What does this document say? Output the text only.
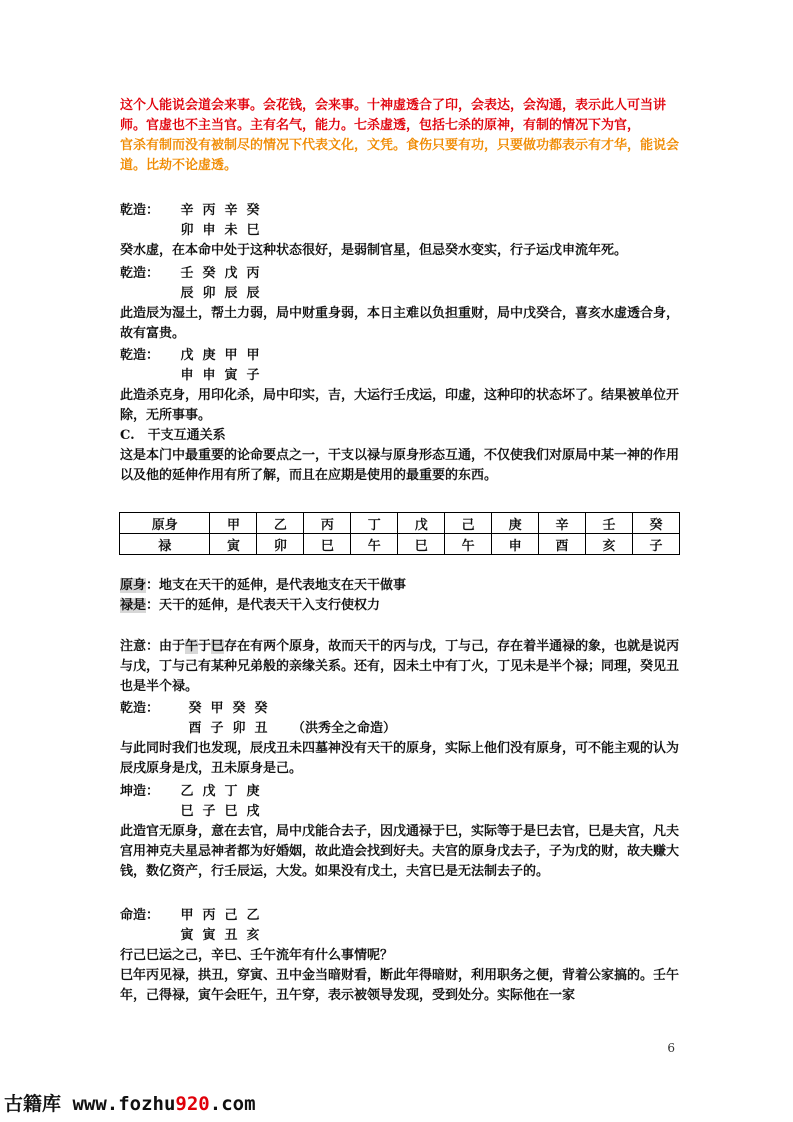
这个人能说会道会来事。会花钱，会来事。十神虚透合了印，会表达，会沟通，表示此人可当讲师。官虚也不主当官。主有名气，能力。七杀虚透，包括七杀的原神，有制的情况下为官，

官杀有制而没有被制尽的情况下代表文化，文凭。食伤只要有功，只要做功都表示有才华，能说会道。比劫不论虚透。

乾造： 辛 丙 辛 癸

卯 申 未 巳

癸水虚，在本命中处于这种状态很好，是弱制官星，但忌癸水变实，行子运戊申流年死。

乾造： 壬 癸 戊 丙

辰 卯 辰 辰

此造辰为湿土，帮土力弱，局中财重身弱，本日主难以负担重财，局中戊癸合，喜亥水虚透合身，故有富贵。

乾造： 戊 庚 甲 甲

申 申 寅 子

此造杀克身，用印化杀，局中印实，吉，大运行壬戌运，印虚，这种印的状态坏了。结果被单位开除，无所事事。

C.　干支互通关系

这是本门中最重要的论命要点之一，干支以禄与原身形态互通，不仅使我们对原局中某一神的作用以及他的延伸作用有所了解，而且在应期是使用的最重要的东西。

原身	甲	乙	丙	丁	戊	己	庚	辛	壬	癸
禄	寅	卯	巳	午	巳	午	申	酉	亥	子

原身：地支在天干的延伸，是代表地支在天干做事

禄是：天干的延伸，是代表天干入支行使权力

注意：由于午于巳存在有两个原身，故而天干的丙与戊，丁与己，存在着半通禄的象，也就是说丙与戊，丁与己有某种兄弟般的亲缘关系。还有，因未土中有丁火，丁见未是半个禄；同理，癸见丑也是半个禄。

乾造： 癸 甲 癸 癸

酉 子 卯 丑 （洪秀全之命造）

与此同时我们也发现，辰戌丑未四墓神没有天干的原身，实际上他们没有原身，可不能主观的认为辰戌原身是戊，丑未原身是己。

坤造： 乙 戊 丁 庚

巳 子 巳 戌

此造官无原身，意在去官，局中戊能合去子，因戊通禄于巳，实际等于是巳去官，巳是夫宫，凡夫宫用神克夫星忌神者都为好婚姻，故此造会找到好夫。夫宫的原身戊去子，子为戊的财，故夫赚大钱，数亿资产，行壬辰运，大发。如果没有戊土，夫宫巳是无法制去子的。

命造： 甲 丙 己 乙

寅 寅 丑 亥

行己巳运之己，辛巳、壬午流年有什么事情呢？

巳年丙见禄，拱丑，穿寅、丑中金当暗财看，断此年得暗财，利用职务之便，背着公家搞的。壬午年，己得禄，寅午会旺午，丑午穿，表示被领导发现，受到处分。实际他在一家

6
古籍库 www.fozhu920.com
